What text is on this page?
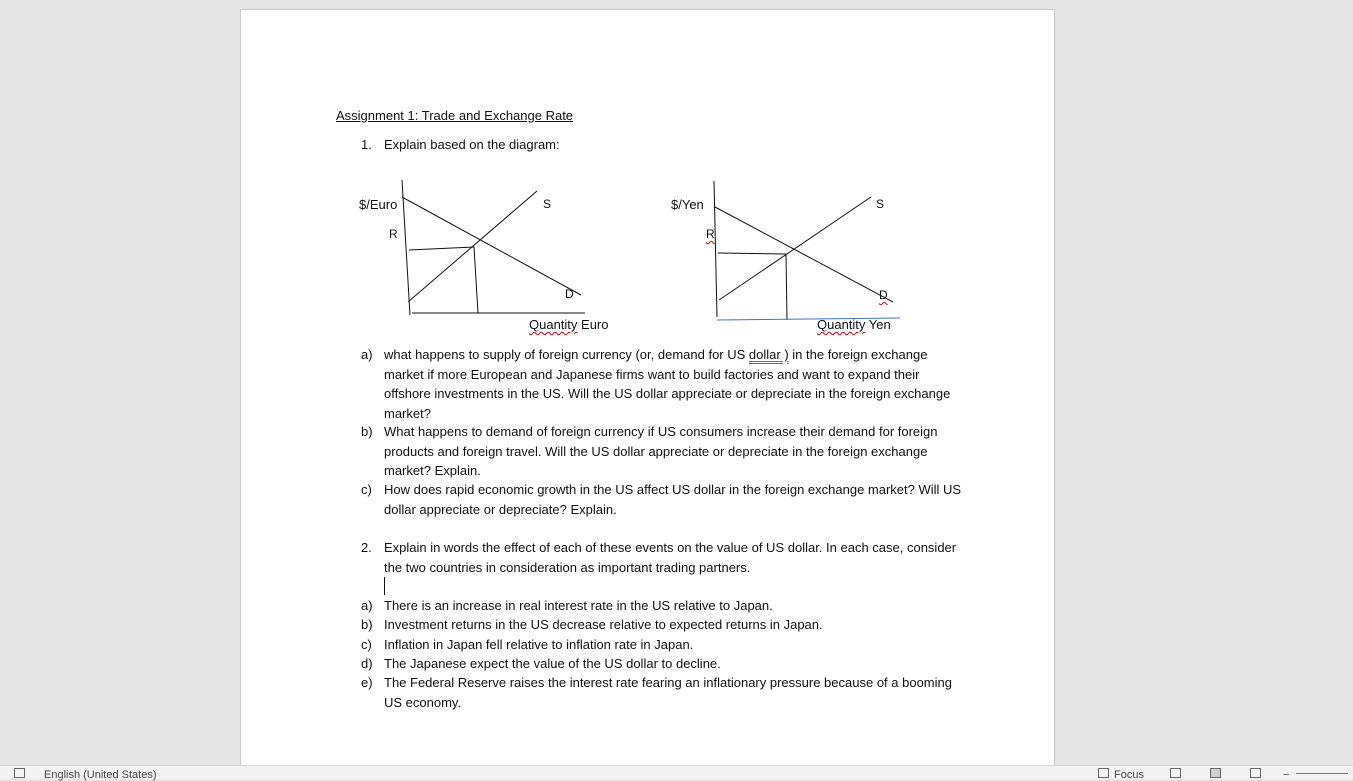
Assignment 1: Trade and Exchange Rate
1. Explain based on the diagram:
$/Euro	S
R
D
Quantity Euro
$/Yen	S
R
D
Quantity Yen
a) what happens to supply of foreign currency (or, demand for US dollar ) in the foreign exchange market if more European and Japanese firms want to build factories and want to expand their offshore investments in the US. Will the US dollar appreciate or depreciate in the foreign exchange market?
b) What happens to demand of foreign currency if US consumers increase their demand for foreign products and foreign travel. Will the US dollar appreciate or depreciate in the foreign exchange market? Explain.
c) How does rapid economic growth in the US affect US dollar in the foreign exchange market? Will US dollar appreciate or depreciate? Explain.
2. Explain in words the effect of each of these events on the value of US dollar. In each case, consider the two countries in consideration as important trading partners.
a) There is an increase in real interest rate in the US relative to Japan.
b) Investment returns in the US decrease relative to expected returns in Japan.
c) Inflation in Japan fell relative to inflation rate in Japan.
d) The Japanese expect the value of the US dollar to decline.
e) The Federal Reserve raises the interest rate fearing an inflationary pressure because of a booming US economy.
English (United States)	Focus	−
